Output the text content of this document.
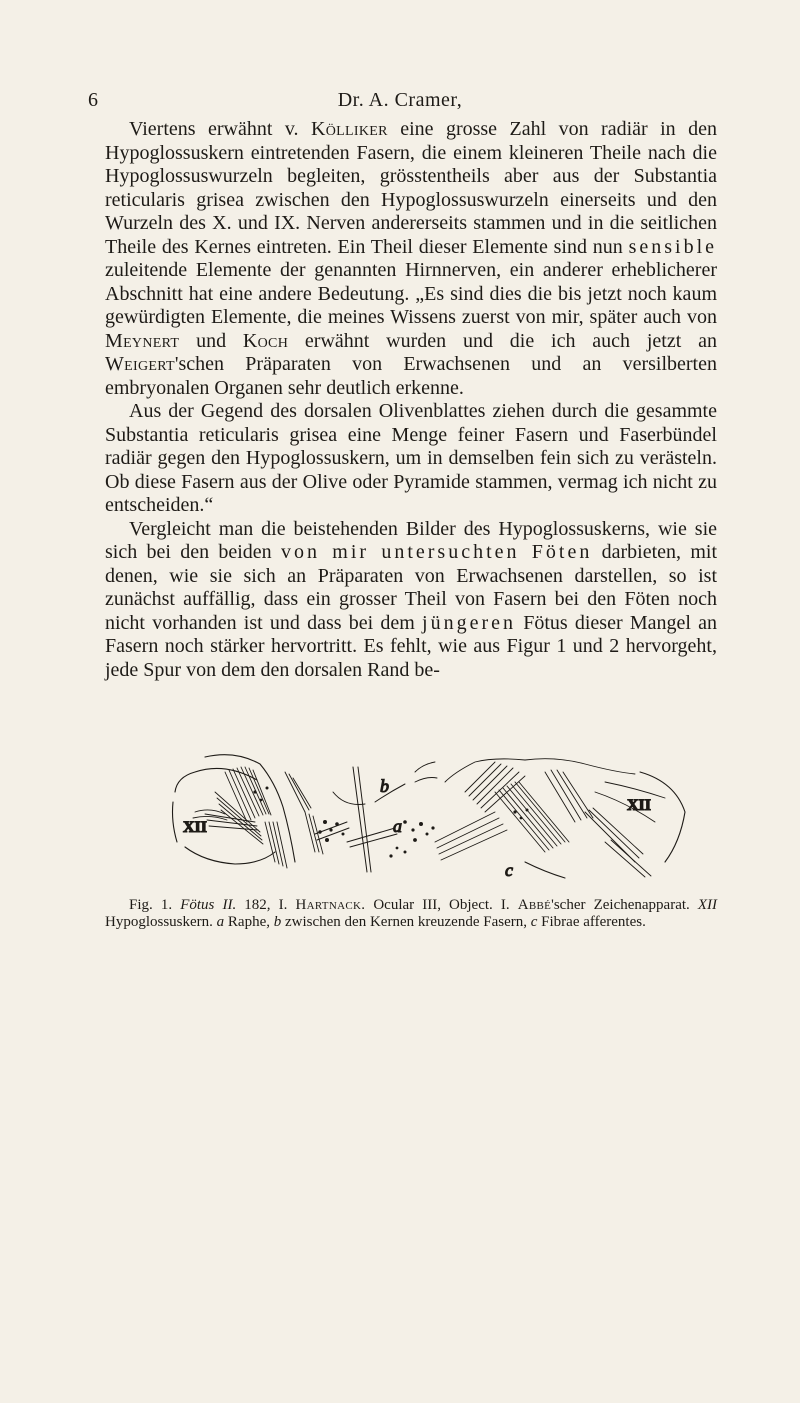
6	Dr. A. Cramer,

Viertens erwähnt v. Kölliker eine grosse Zahl von radiär in den Hypoglossuskern eintretenden Fasern, die einem kleineren Theile nach die Hypoglossuswurzeln begleiten, grösstentheils aber aus der Substantia reticularis grisea zwischen den Hypoglossuswurzeln einerseits und den Wurzeln des X. und IX. Nerven andererseits stammen und in die seitlichen Theile des Kernes eintreten. Ein Theil dieser Elemente sind nun sensible zuleitende Elemente der genannten Hirnnerven, ein anderer erheblicherer Abschnitt hat eine andere Bedeutung. „Es sind dies die bis jetzt noch kaum gewürdigten Elemente, die meines Wissens zuerst von mir, später auch von Meynert und Koch erwähnt wurden und die ich auch jetzt an Weigert'schen Präparaten von Erwachsenen und an versilberten embryonalen Organen sehr deutlich erkenne.

Aus der Gegend des dorsalen Olivenblattes ziehen durch die gesammte Substantia reticularis grisea eine Menge feiner Fasern und Faserbündel radiär gegen den Hypoglossuskern, um in demselben fein sich zu verästeln. Ob diese Fasern aus der Olive oder Pyramide stammen, vermag ich nicht zu entscheiden.“

Vergleicht man die beistehenden Bilder des Hypoglossuskerns, wie sie sich bei den beiden von mir untersuchten Föten darbieten, mit denen, wie sie sich an Präparaten von Erwachsenen darstellen, so ist zunächst auffällig, dass ein grosser Theil von Fasern bei den Föten noch nicht vorhanden ist und dass bei dem jüngeren Fötus dieser Mangel an Fasern noch stärker hervortritt. Es fehlt, wie aus Figur 1 und 2 hervorgeht, jede Spur von dem den dorsalen Rand be-

a
b
c
XII
XII
Fig. 1. Fötus II. 182, I. Hartnack. Ocular III, Object. I. Abbé'scher Zeichenapparat. XII Hypoglossuskern. a Raphe, b zwischen den Kernen kreuzende Fasern, c Fibrae afferentes.
